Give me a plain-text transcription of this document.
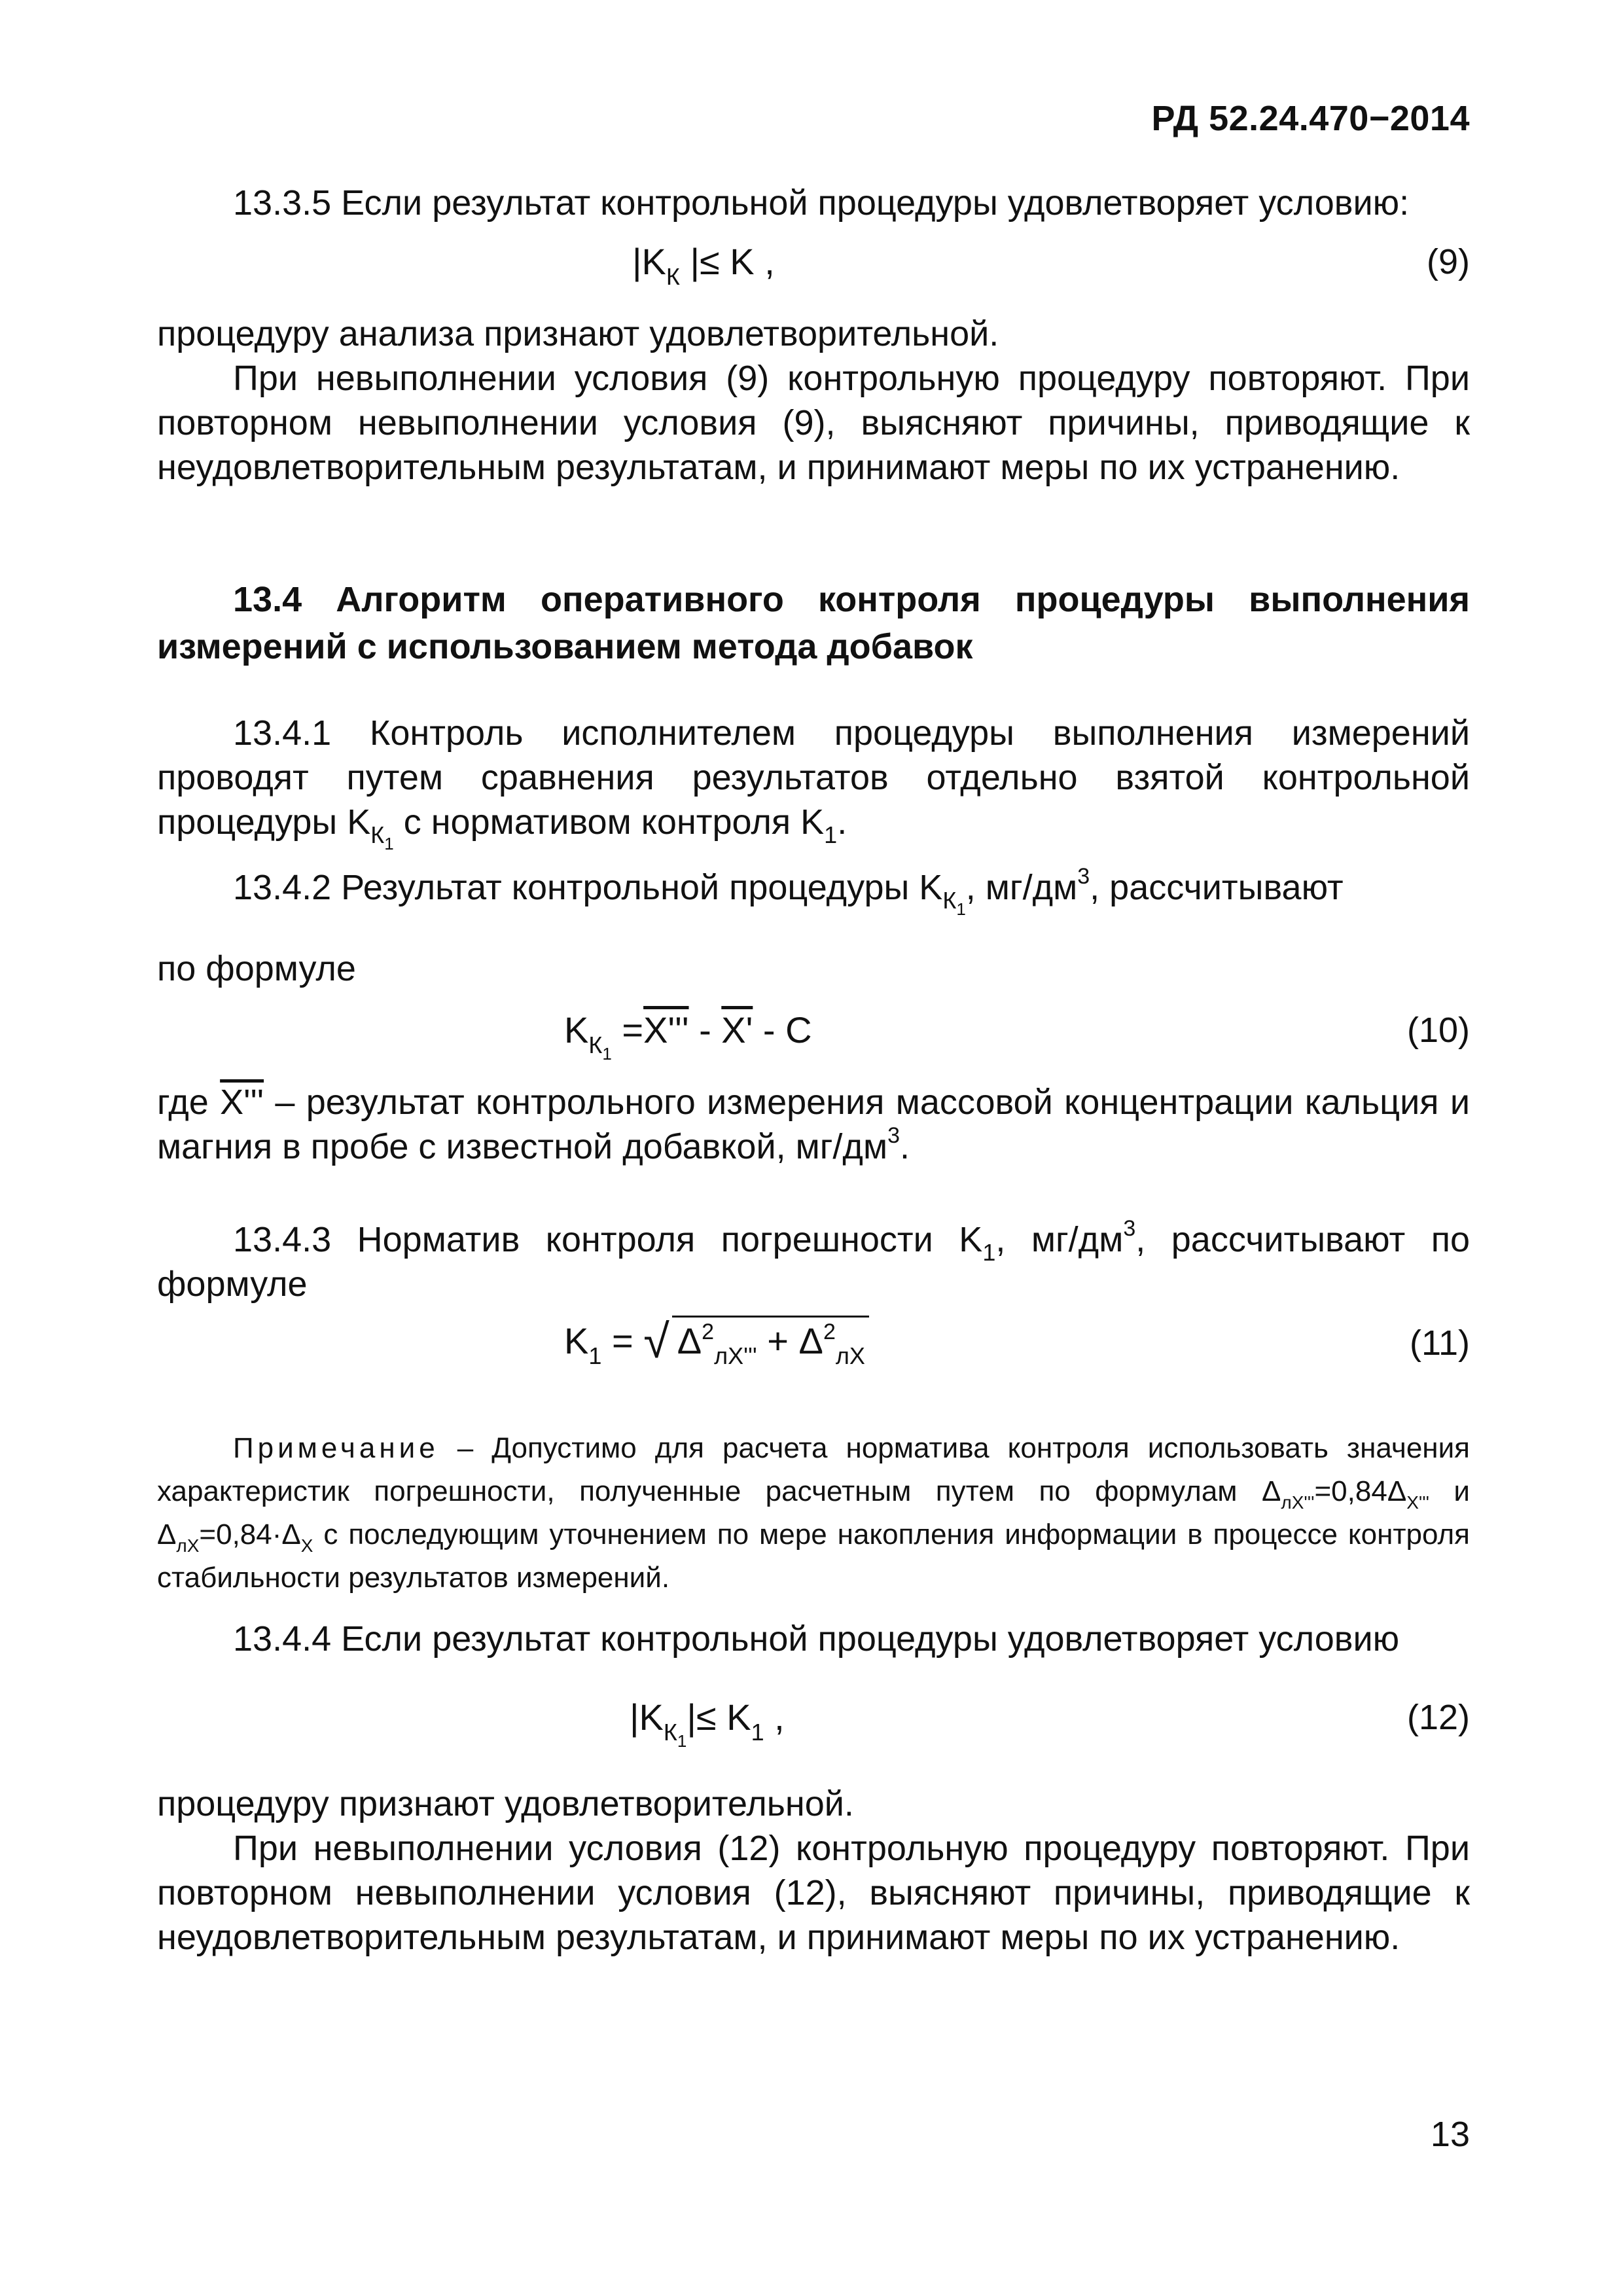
РД 52.24.470−2014
13.3.5 Если результат контрольной процедуры удовлетворяет условию:
$|K_К$ |≤ K ,	(9)
процедуру анализа признают удовлетворительной.
При невыполнении условия (9) контрольную процедуру повторяют. При повторном невыполнении условия (9), выясняют причины, приводящие к неудовлетворительным результатам, и принимают меры по их устранению.
13.4 Алгоритм оперативного контроля процедуры выполнения измерений с использованием метода добавок
13.4.1 Контроль исполнителем процедуры выполнения измерений проводят путем сравнения результатов отдельно взятой контрольной процедуры $K_{К_1}$ с нормативом контроля $K_1$.
13.4.2 Результат контрольной процедуры $K_{К_1}$, $мг/дм^3$, рассчитывают
по формуле
$K_{К_1} =X''' - X' - C$	(10)
где X''' – результат контрольного измерения массовой концентрации кальция и магния в пробе с известной добавкой, $мг/дм^3$.
13.4.3 Норматив контроля погрешности $K_1$, $мг/дм^3$, рассчитывают по формуле
$K_1$ = √ $\Delta^2_{лX'''} + \Delta^2_{лX}$	(11)
Примечание – Допустимо для расчета норматива контроля использовать значения характеристик погрешности, полученные расчетным путем по формулам $\Delta_{лX'''}=0,84\Delta_{X'''}$ и $\Delta_{лX}=0,84\cdot\Delta_X$ с последующим уточнением по мере накопления информации в процессе контроля стабильности результатов измерений.
13.4.4 Если результат контрольной процедуры удовлетворяет условию
$|K_{К_1}|\le K_1$ ,	(12)
процедуру признают удовлетворительной.
При невыполнении условия (12) контрольную процедуру повторяют. При повторном невыполнении условия (12), выясняют причины, приводящие к неудовлетворительным результатам, и принимают меры по их устранению.
13
